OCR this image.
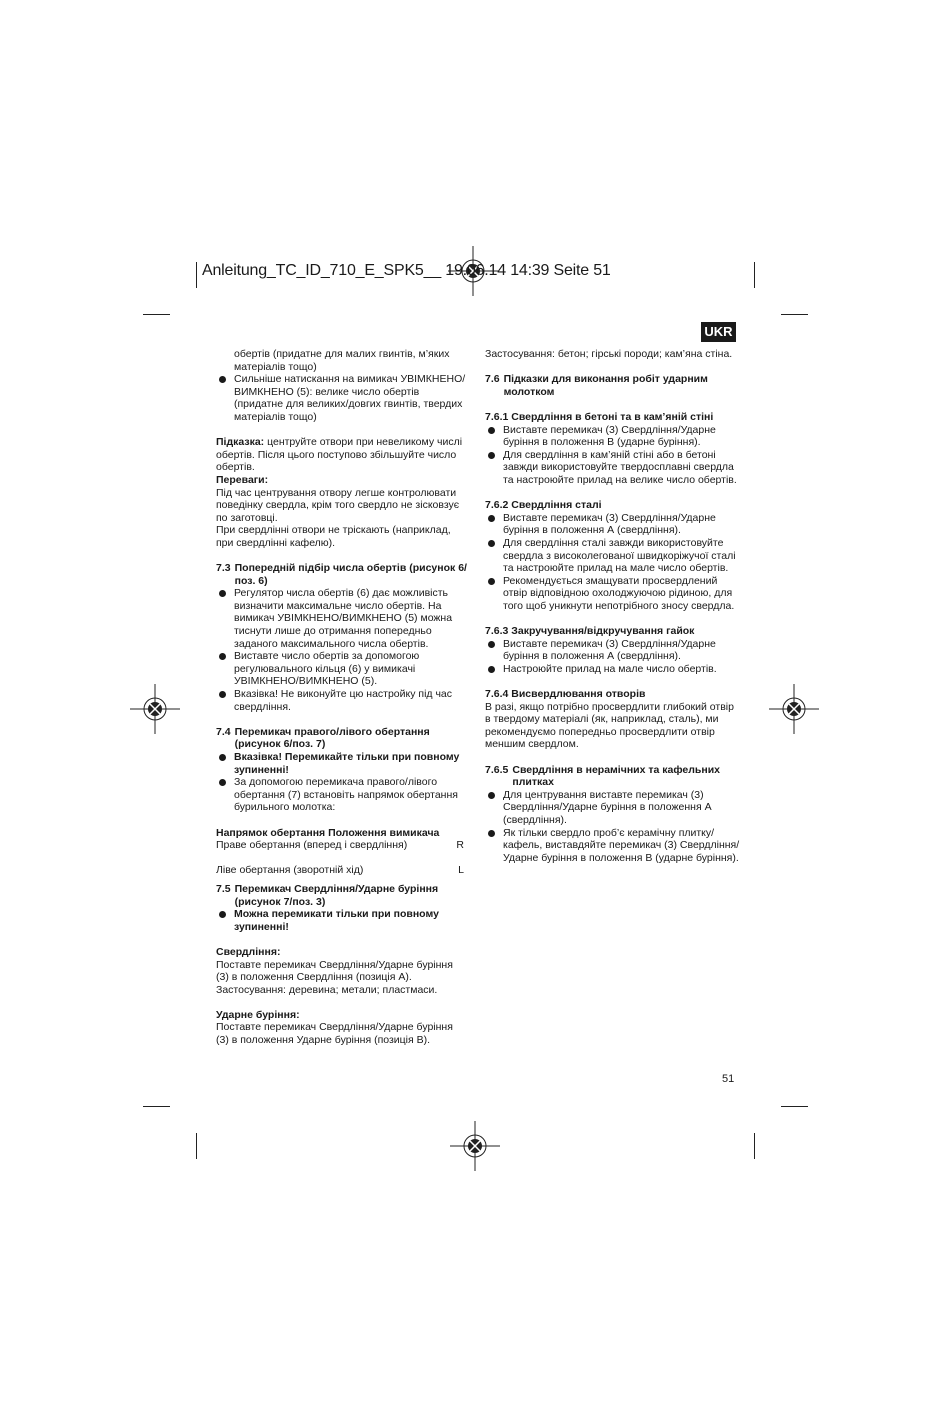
Anleitung_TC_ID_710_E_SPK5__ 19.06.14 14:39 Seite 51
UKR

обертів (придатне для малих гвинтів, м’яких матеріалів тощо)

Сильніше натискання на вимикач УВІМКНЕНО/ВИМКНЕНО (5): велике число обертів (придатне для великих/довгих гвинтів, твердих матеріалів тощо)

Підказка: центруйте отвори при невеликому числі обертів. Після цього поступово збільшуйте число обертів.

Переваги:

Під час центрування отвору легше контролювати поведінку свердла, крім того свердло не зісковзує по заготовці.

При свердлінні отвори не тріскають (наприклад, при свердлінні кафелю).

7.3 Попередній підбір числа обертів (рисунок 6/поз. 6)
Регулятор числа обертів (6) дає можливість визначити максимальне число обертів. На вимикач УВІМКНЕНО/ВИМКНЕНО (5) можна тиснути лише до отримання попередньо заданого максимального числа обертів.
Виставте число обертів за допомогою регулювального кільця (6) у вимикачі УВІМКНЕНО/ВИМКНЕНО (5).
Вказівка! Не виконуйте цю настройку під час свердління.
7.4 Перемикач правого/лівого обертання (рисунок 6/поз. 7)
Вказівка! Перемикайте тільки при повному зупиненні!
За допомогою перемикача правого/лівого обертання (7) встановіть напрямок обертання бурильного молотка:

Напрямок обертання Положення вимикача

Праве обертання (вперед і свердління)	R
Ліве обертання (зворотній хід)	L
7.5 Перемикач Свердління/Ударне буріння (рисунок 7/поз. 3)
Можна перемикати тільки при повному зупиненні!

Свердління:

Поставте перемикач Свердління/Ударне буріння (3) в положення Свердління (позиція А). Застосування: деревина; метали; пластмаси.

Ударне буріння:

Поставте перемикач Свердління/Ударне буріння (3) в положення Ударне буріння (позиція В).

Застосування: бетон; гірські породи; кам’яна стіна.

7.6 Підказки для виконання робіт ударним молотком

7.6.1 Свердління в бетоні та в кам’яній стіні

Виставте перемикач (3) Свердління/Ударне буріння в положення В (ударне буріння).
Для свердління в кам’яній стіні або в бетоні завжди використовуйте твердосплавні свердла та настроюйте прилад на велике число обертів.

7.6.2 Свердління сталі

Виставте перемикач (3) Свердління/Ударне буріння в положення А (свердління).
Для свердління сталі завжди використовуйте свердла з високолегованої швидкоріжучої сталі та настроюйте прилад на мале число обертів.
Рекомендується змащувати просвердлений отвір відповідною охолоджуючою рідиною, для того щоб уникнути непотрібного зносу свердла.

7.6.3 Закручування/відкручування гайок

Виставте перемикач (3) Свердління/Ударне буріння в положення А (свердління).
Настроюйте прилад на мале число обертів.

7.6.4 Висвердлювання отворів

В разі, якщо потрібно просвердлити глибокий отвір в твердому матеріалі (як, наприклад, сталь), ми рекомендуємо попередньо просвердлити отвір меншим свердлом.

7.6.5 Свердління в нерамічних та кафельних плитках
Для центрування виставте перемикач (3) Свердління/Ударне буріння в положення А (свердління).
Як тільки свердло проб’є керамічну плитку/кафель, виставдяйте перемикач (3) Свердління/Ударне буріння в положення В (ударне буріння).
51
